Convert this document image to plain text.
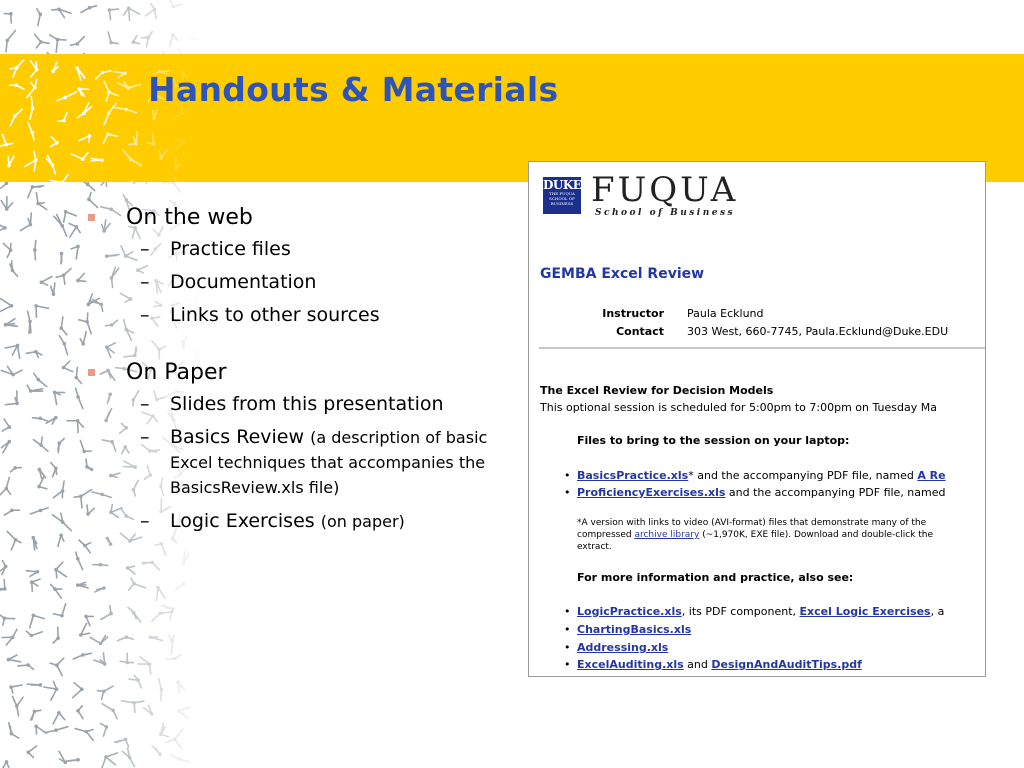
Handouts & Materials
On the web
– Practice files
– Documentation
– Links to other sources
On Paper
– Slides from this presentation
– Basics Review (a description of basic Excel techniques that accompanies the BasicsReview.xls file)
– Logic Exercises (on paper)
DUKE
THE FUQUA SCHOOL OF BUSINESS FUQUA
School of Business
GEMBA Excel Review
Instructor Paula Ecklund
Contact 303 West, 660-7745, Paula.Ecklund@Duke.EDU
The Excel Review for Decision Models
This optional session is scheduled for 5:00pm to 7:00pm on Tuesday Ma
Files to bring to the session on your laptop:
• BasicsPractice.xls* and the accompanying PDF file, named A Re
• ProficiencyExercises.xls and the accompanying PDF file, named
*A version with links to video (AVI-format) files that demonstrate many of the
compressed archive library (~1,970K, EXE file). Download and double-click the
extract.
For more information and practice, also see:
• LogicPractice.xls, its PDF component, Excel Logic Exercises, a
• ChartingBasics.xls
• Addressing.xls
• ExcelAuditing.xls and DesignAndAuditTips.pdf
